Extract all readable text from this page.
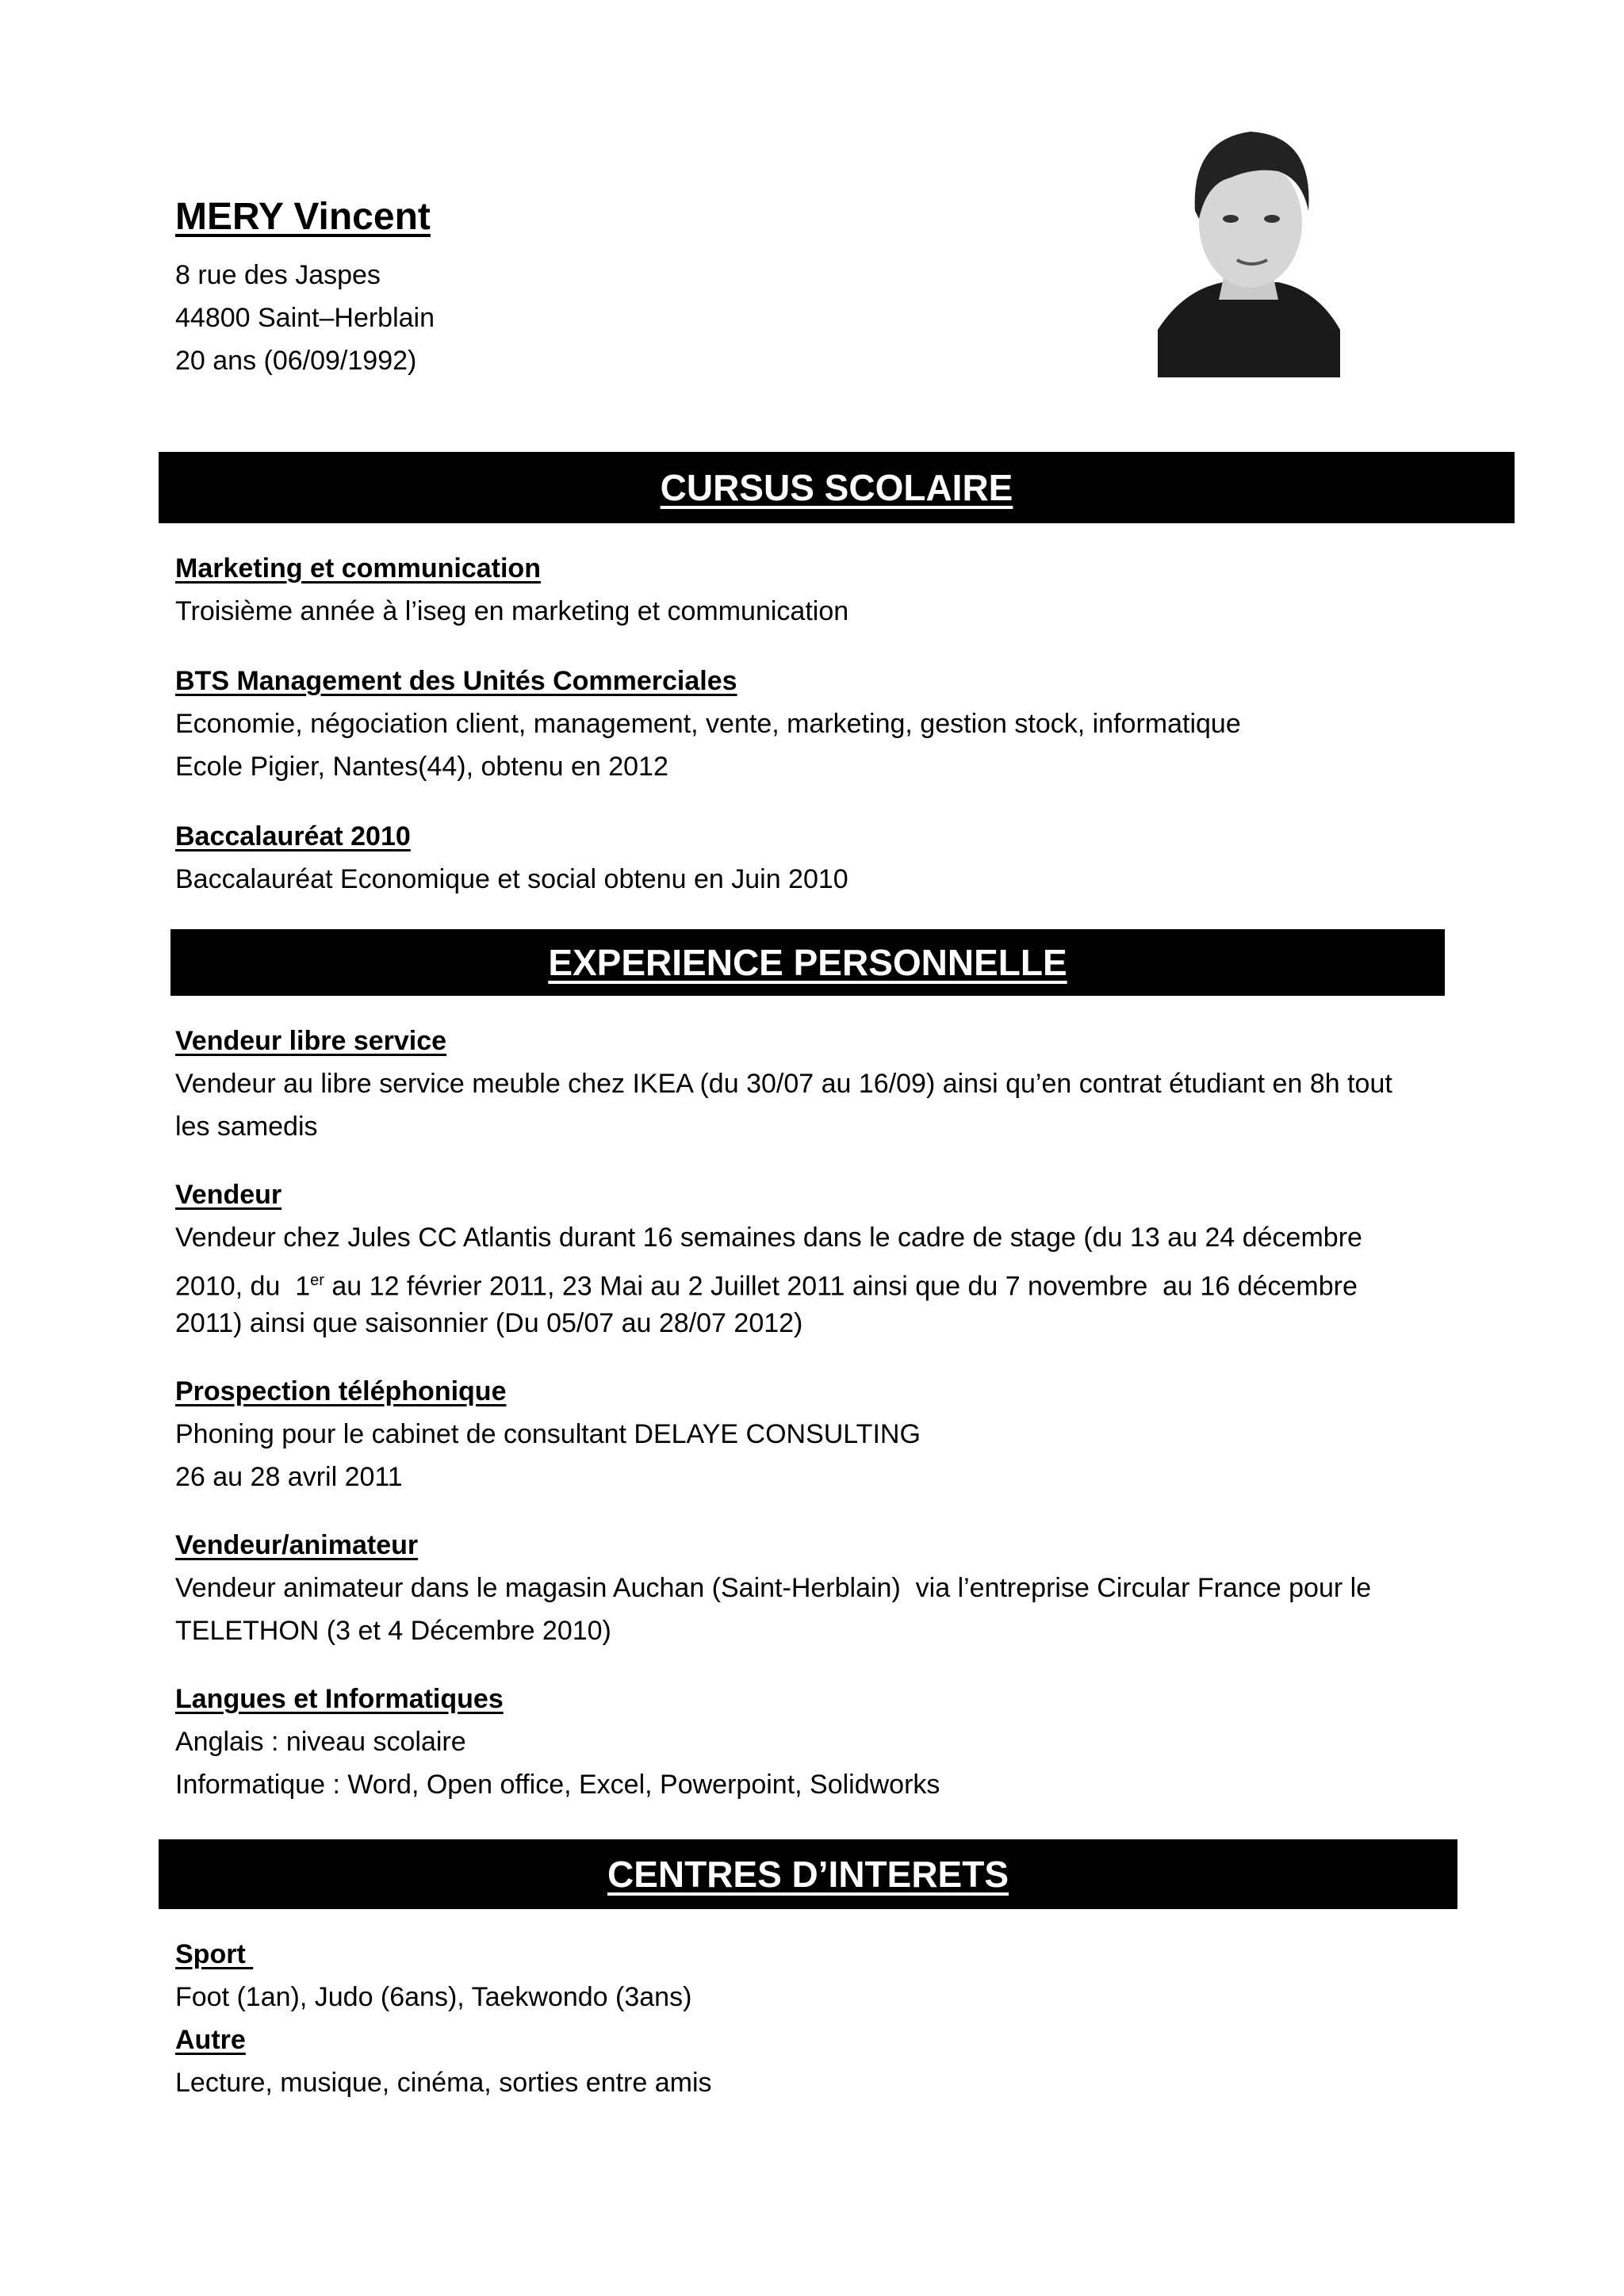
MERY Vincent
8 rue des Jaspes
44800 Saint–Herblain
20 ans (06/09/1992)
CURSUS SCOLAIRE
Marketing et communication
Troisième année à l’iseg en marketing et communication
BTS Management des Unités Commerciales
Economie, négociation client, management, vente, marketing, gestion stock, informatique
Ecole Pigier, Nantes(44), obtenu en 2012
Baccalauréat 2010
Baccalauréat Economique et social obtenu en Juin 2010
EXPERIENCE PERSONNELLE
Vendeur libre service
Vendeur au libre service meuble chez IKEA (du 30/07 au 16/09) ainsi qu’en contrat étudiant en 8h tout
les samedis
Vendeur
Vendeur chez Jules CC Atlantis durant 16 semaines dans le cadre de stage (du 13 au 24 décembre
2010, du  1er au 12 février 2011, 23 Mai au 2 Juillet 2011 ainsi que du 7 novembre  au 16 décembre
2011) ainsi que saisonnier (Du 05/07 au 28/07 2012)
Prospection téléphonique
Phoning pour le cabinet de consultant DELAYE CONSULTING
26 au 28 avril 2011
Vendeur/animateur
Vendeur animateur dans le magasin Auchan (Saint-Herblain)  via l’entreprise Circular France pour le
TELETHON (3 et 4 Décembre 2010)
Langues et Informatiques
Anglais : niveau scolaire
Informatique : Word, Open office, Excel, Powerpoint, Solidworks
CENTRES D’INTERETS
Sport
Foot (1an), Judo (6ans), Taekwondo (3ans)
Autre
Lecture, musique, cinéma, sorties entre amis
